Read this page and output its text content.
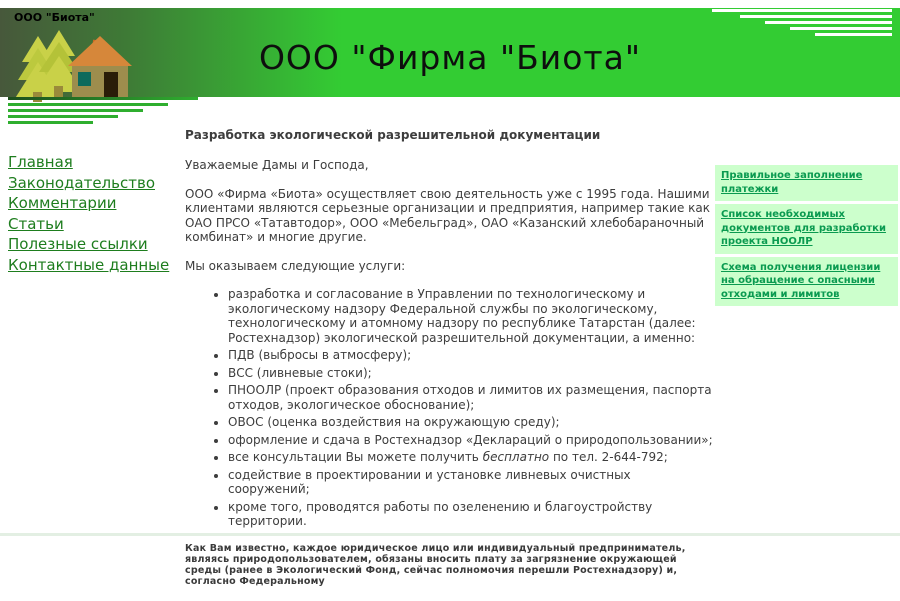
ООО "Биота"
ООО "Фирма "Биота"
Главная
Законодательство
Комментарии
Статьи
Полезные ссылки
Контактные данные
Разработка экологической разрешительной документации

Уважаемые Дамы и Господа,

ООО «Фирма «Биота» осуществляет свою деятельность уже с 1995 года. Нашими клиентами являются серьезные организации и предприятия, например такие как ОАО ПРСО «Татавтодор», ООО «Мебельград», ОАО «Казанский хлебобараночный комбинат» и многие другие.

Мы оказываем следующие услуги:

• разработка и согласование в Управлении по технологическому и экологическому надзору Федеральной службы по экологическому, технологическому и атомному надзору по республике Татарстан (далее: Ростехнадзор) экологической разрешительной документации, а именно:
• ПДВ (выбросы в атмосферу);
• ВСС (ливневые стоки);
• ПНООЛР (проект образования отходов и лимитов их размещения, паспорта отходов, экологическое обоснование);
• ОВОС (оценка воздействия на окружающую среду);
• оформление и сдача в Ростехнадзор «Деклараций о природопользовании»;
• все консультации Вы можете получить бесплатно по тел. 2-644-792;
• содействие в проектировании и установке ливневых очистных сооружений;
• кроме того, проводятся работы по озеленению и благоустройству территории.

Как Вам известно, каждое юридическое лицо или индивидуальный предприниматель, являясь природопользователем, обязаны вносить плату за загрязнение окружающей среды (ранее в Экологический Фонд, сейчас полномочия перешли Ростехнадзору) и, согласно Федеральному

Правильное заполнение платежки
Список необходимых документов для разработки проекта НООЛР
Схема получения лицензии на обращение с опасными отходами и лимитов
